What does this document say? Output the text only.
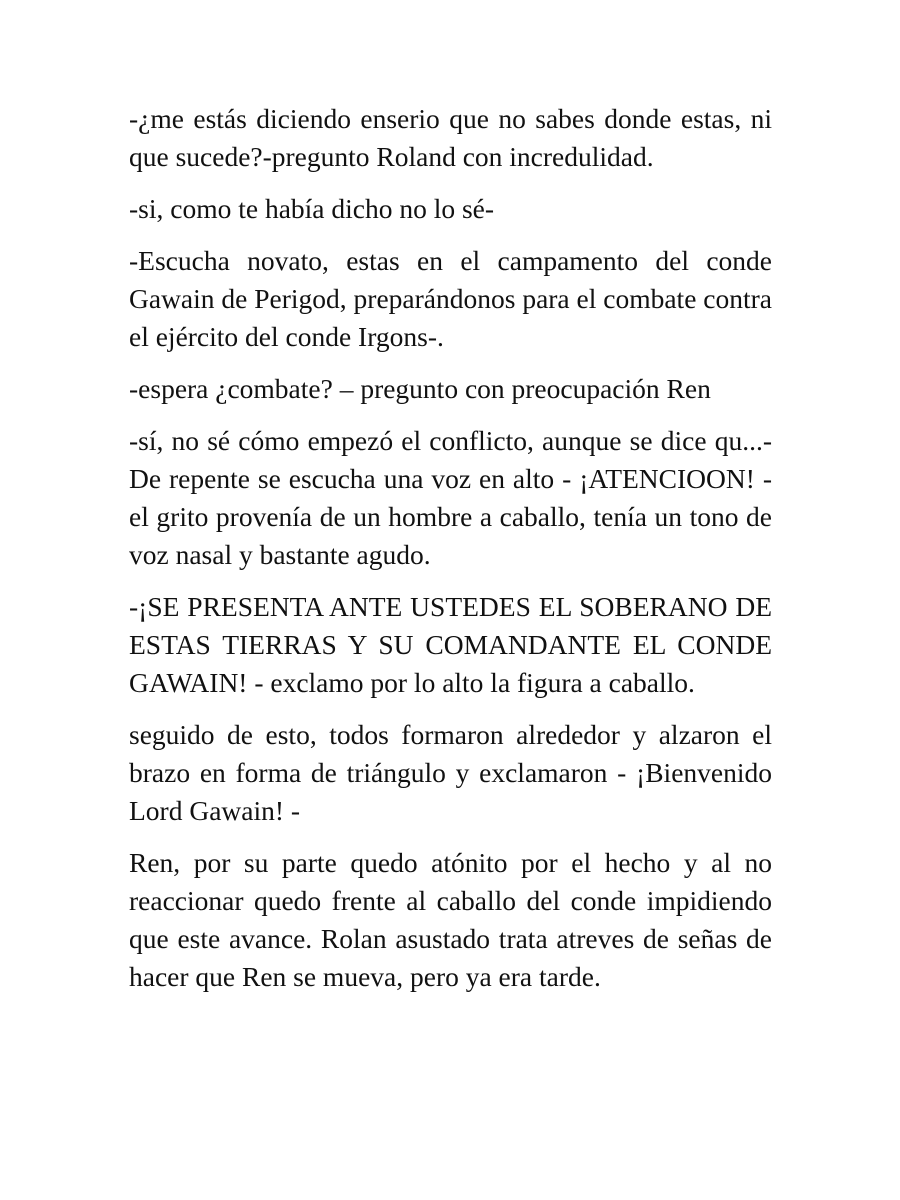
-¿me estás diciendo enserio que no sabes donde estas, ni que sucede?-pregunto Roland con incredulidad.

-si, como te había dicho no lo sé-

-Escucha novato, estas en el campamento del conde Gawain de Perigod, preparándonos para el combate contra el ejército del conde Irgons-.

-espera ¿combate? – pregunto con preocupación Ren

-sí, no sé cómo empezó el conflicto, aunque se dice qu...- De repente se escucha una voz en alto - ¡ATENCIOON! - el grito provenía de un hombre a caballo, tenía un tono de voz nasal y bastante agudo.

-¡SE PRESENTA ANTE USTEDES EL SOBERANO DE ESTAS TIERRAS Y SU COMANDANTE EL CONDE GAWAIN! - exclamo por lo alto la figura a caballo.

seguido de esto, todos formaron alrededor y alzaron el brazo en forma de triángulo y exclamaron - ¡Bienvenido Lord Gawain! -

Ren, por su parte quedo atónito por el hecho y al no reaccionar quedo frente al caballo del conde impidiendo que este avance. Rolan asustado trata atreves de señas de hacer que Ren se mueva, pero ya era tarde.
